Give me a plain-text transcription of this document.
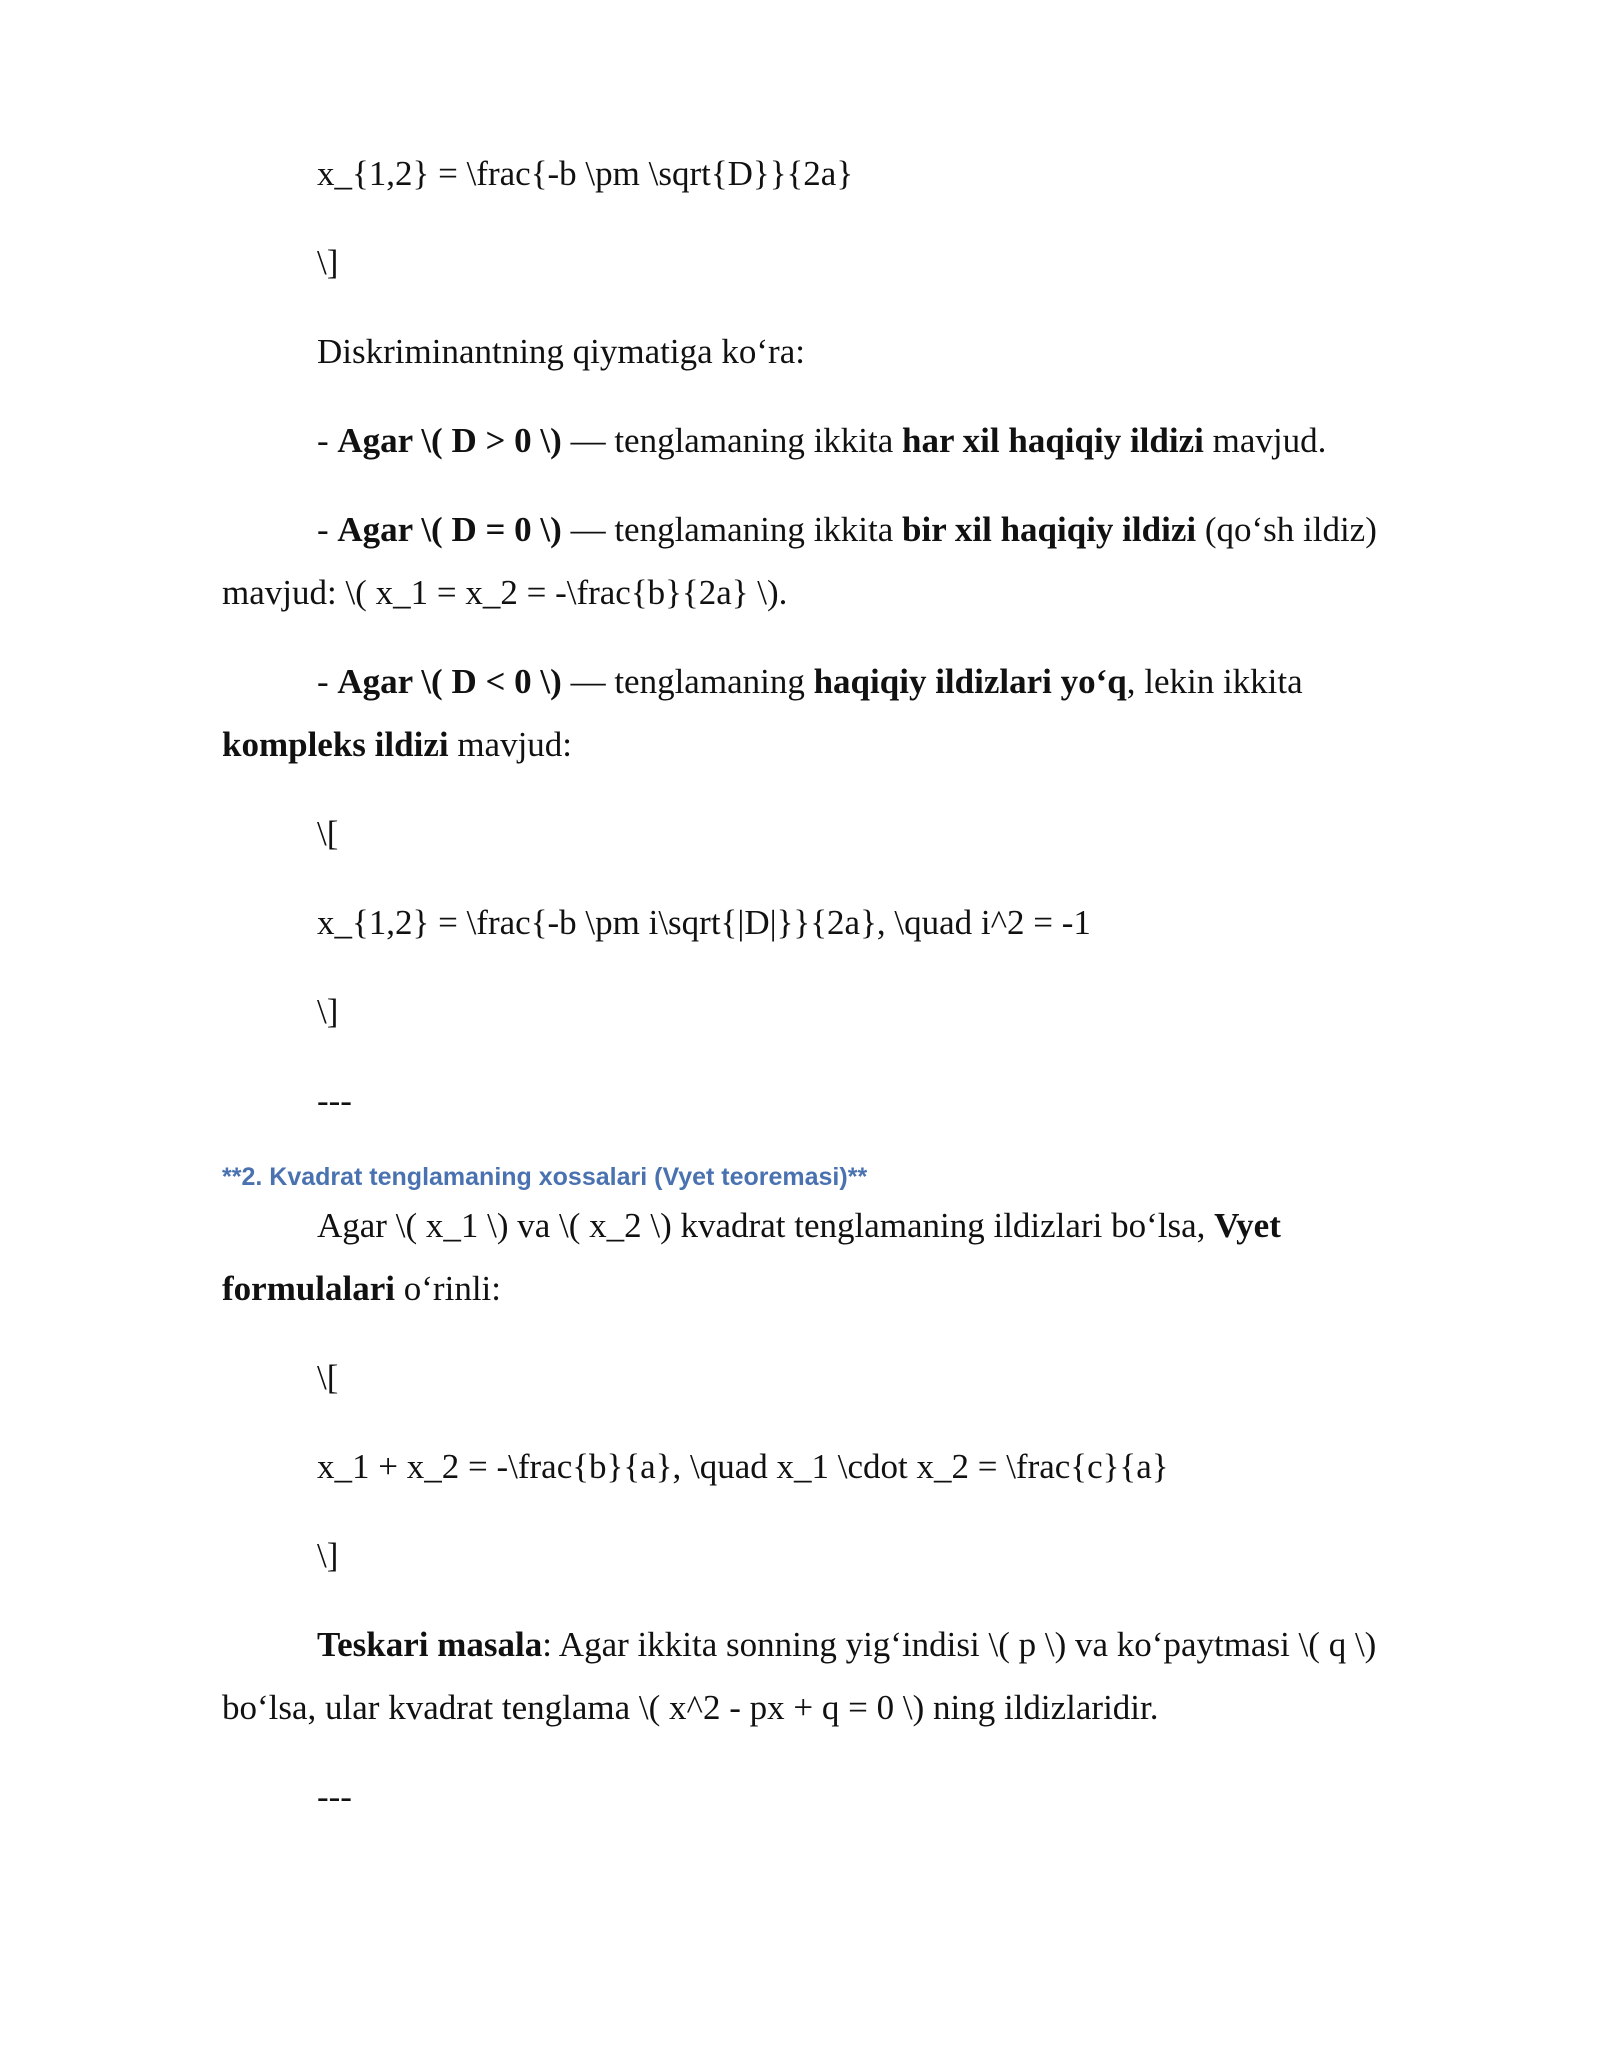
x_{1,2} = \frac{-b \pm \sqrt{D}}{2a}

\]

Diskriminantning qiymatiga ko‘ra:

- Agar \( D > 0 \) — tenglamaning ikkita har xil haqiqiy ildizi mavjud.

- Agar \( D = 0 \) — tenglamaning ikkita bir xil haqiqiy ildizi (qo‘sh ildiz) mavjud: \( x_1 = x_2 = -\frac{b}{2a} \).

- Agar \( D < 0 \) — tenglamaning haqiqiy ildizlari yo‘q, lekin ikkita kompleks ildizi mavjud:

\[

x_{1,2} = \frac{-b \pm i\sqrt{|D|}}{2a}, \quad i^2 = -1

\]

---

**2. Kvadrat tenglamaning xossalari (Vyet teoremasi)**

Agar \( x_1 \) va \( x_2 \) kvadrat tenglamaning ildizlari bo‘lsa, Vyet formulalari o‘rinli:

\[

x_1 + x_2 = -\frac{b}{a}, \quad x_1 \cdot x_2 = \frac{c}{a}

\]

Teskari masala: Agar ikkita sonning yig‘indisi \( p \) va ko‘paytmasi \( q \) bo‘lsa, ular kvadrat tenglama \( x^2 - px + q = 0 \) ning ildizlaridir.

---
